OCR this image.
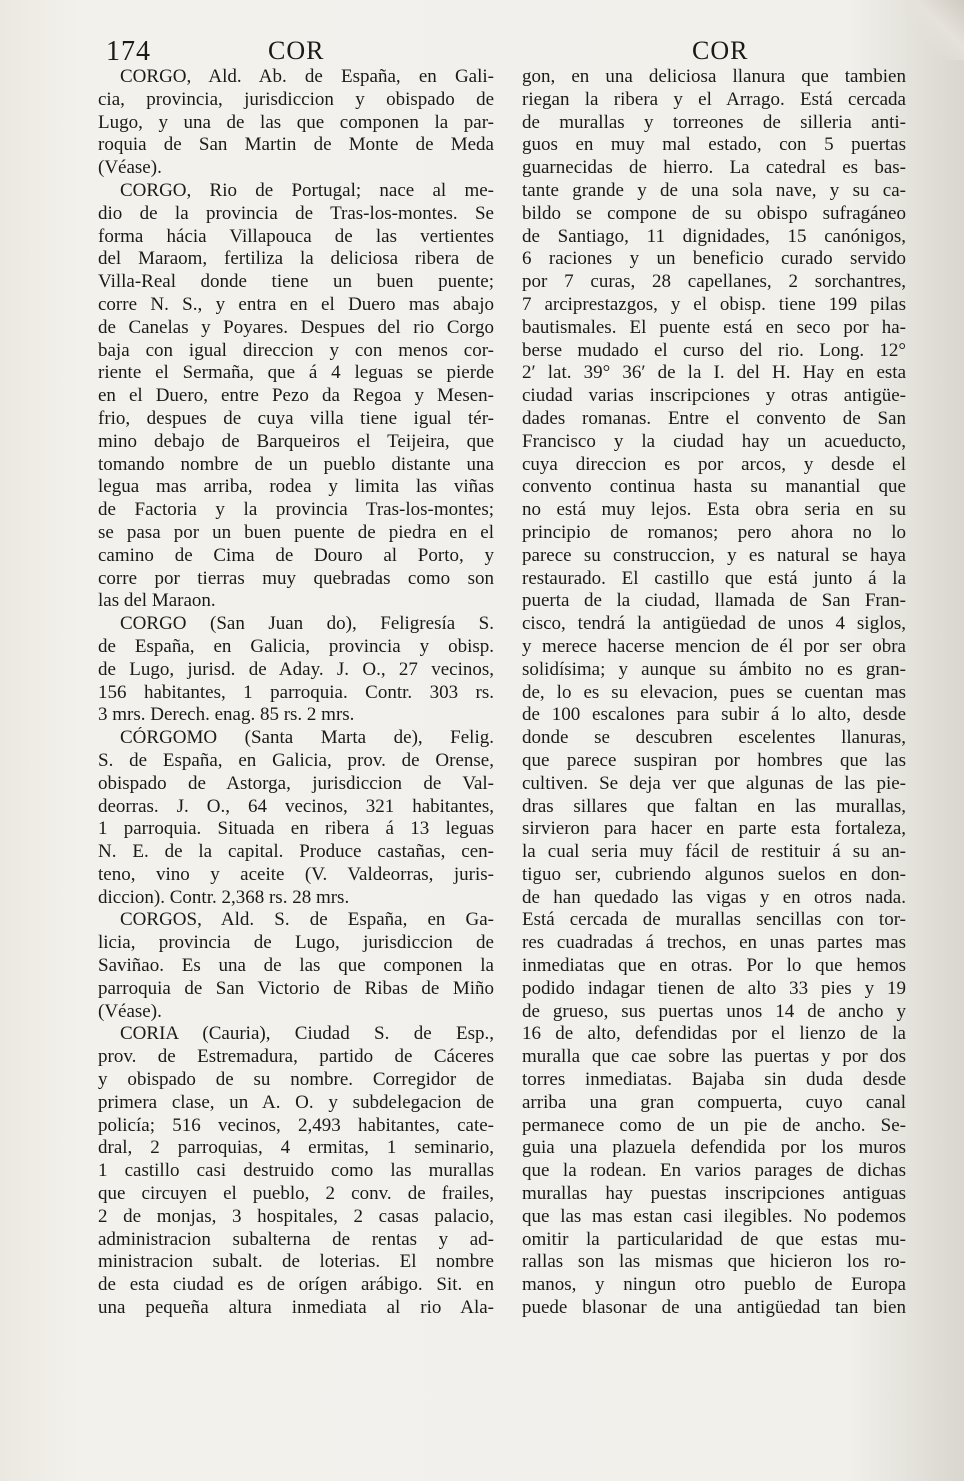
174	COR	COR
CORGO, Ald. Ab. de España, en Gali-
cia, provincia, jurisdiccion y obispado de
Lugo, y una de las que componen la par-
roquia de San Martin de Monte de Meda
(Véase).
CORGO, Rio de Portugal; nace al me-
dio de la provincia de Tras-los-montes. Se
forma hácia Villapouca de las vertientes
del Maraom, fertiliza la deliciosa ribera de
Villa-Real donde tiene un buen puente;
corre N. S., y entra en el Duero mas abajo
de Canelas y Poyares. Despues del rio Corgo
baja con igual direccion y con menos cor-
riente el Sermaña, que á 4 leguas se pierde
en el Duero, entre Pezo da Regoa y Mesen-
frio, despues de cuya villa tiene igual tér-
mino debajo de Barqueiros el Teijeira, que
tomando nombre de un pueblo distante una
legua mas arriba, rodea y limita las viñas
de Factoria y la provincia Tras-los-montes;
se pasa por un buen puente de piedra en el
camino de Cima de Douro al Porto, y
corre por tierras muy quebradas como son
las del Maraon.
CORGO (San Juan do), Feligresía S.
de España, en Galicia, provincia y obisp.
de Lugo, jurisd. de Aday. J. O., 27 vecinos,
156 habitantes, 1 parroquia. Contr. 303 rs.
3 mrs. Derech. enag. 85 rs. 2 mrs.
CÓRGOMO (Santa Marta de), Felig.
S. de España, en Galicia, prov. de Orense,
obispado de Astorga, jurisdiccion de Val-
deorras. J. O., 64 vecinos, 321 habitantes,
1 parroquia. Situada en ribera á 13 leguas
N. E. de la capital. Produce castañas, cen-
teno, vino y aceite (V. Valdeorras, juris-
diccion). Contr. 2,368 rs. 28 mrs.
CORGOS, Ald. S. de España, en Ga-
licia, provincia de Lugo, jurisdiccion de
Saviñao. Es una de las que componen la
parroquia de San Victorio de Ribas de Miño
(Véase).
CORIA (Cauria), Ciudad S. de Esp.,
prov. de Estremadura, partido de Cáceres
y obispado de su nombre. Corregidor de
primera clase, un A. O. y subdelegacion de
policía; 516 vecinos, 2,493 habitantes, cate-
dral, 2 parroquias, 4 ermitas, 1 seminario,
1 castillo casi destruido como las murallas
que circuyen el pueblo, 2 conv. de frailes,
2 de monjas, 3 hospitales, 2 casas palacio,
administracion subalterna de rentas y ad-
ministracion subalt. de loterias. El nombre
de esta ciudad es de orígen arábigo. Sit. en
una pequeña altura inmediata al rio Ala-
gon, en una deliciosa llanura que tambien
riegan la ribera y el Arrago. Está cercada
de murallas y torreones de silleria anti-
guos en muy mal estado, con 5 puertas
guarnecidas de hierro. La catedral es bas-
tante grande y de una sola nave, y su ca-
bildo se compone de su obispo sufragáneo
de Santiago, 11 dignidades, 15 canónigos,
6 raciones y un beneficio curado servido
por 7 curas, 28 capellanes, 2 sorchantres,
7 arciprestazgos, y el obisp. tiene 199 pilas
bautismales. El puente está en seco por ha-
berse mudado el curso del rio. Long. 12°
2′ lat. 39° 36′ de la I. del H. Hay en esta
ciudad varias inscripciones y otras antigüe-
dades romanas. Entre el convento de San
Francisco y la ciudad hay un acueducto,
cuya direccion es por arcos, y desde el
convento continua hasta su manantial que
no está muy lejos. Esta obra seria en su
principio de romanos; pero ahora no lo
parece su construccion, y es natural se haya
restaurado. El castillo que está junto á la
puerta de la ciudad, llamada de San Fran-
cisco, tendrá la antigüedad de unos 4 siglos,
y merece hacerse mencion de él por ser obra
solidísima; y aunque su ámbito no es gran-
de, lo es su elevacion, pues se cuentan mas
de 100 escalones para subir á lo alto, desde
donde se descubren escelentes llanuras,
que parece suspiran por hombres que las
cultiven. Se deja ver que algunas de las pie-
dras sillares que faltan en las murallas,
sirvieron para hacer en parte esta fortaleza,
la cual seria muy fácil de restituir á su an-
tiguo ser, cubriendo algunos suelos en don-
de han quedado las vigas y en otros nada.
Está cercada de murallas sencillas con tor-
res cuadradas á trechos, en unas partes mas
inmediatas que en otras. Por lo que hemos
podido indagar tienen de alto 33 pies y 19
de grueso, sus puertas unos 14 de ancho y
16 de alto, defendidas por el lienzo de la
muralla que cae sobre las puertas y por dos
torres inmediatas. Bajaba sin duda desde
arriba una gran compuerta, cuyo canal
permanece como de un pie de ancho. Se-
guia una plazuela defendida por los muros
que la rodean. En varios parages de dichas
murallas hay puestas inscripciones antiguas
que las mas estan casi ilegibles. No podemos
omitir la particularidad de que estas mu-
rallas son las mismas que hicieron los ro-
manos, y ningun otro pueblo de Europa
puede blasonar de una antigüedad tan bien
